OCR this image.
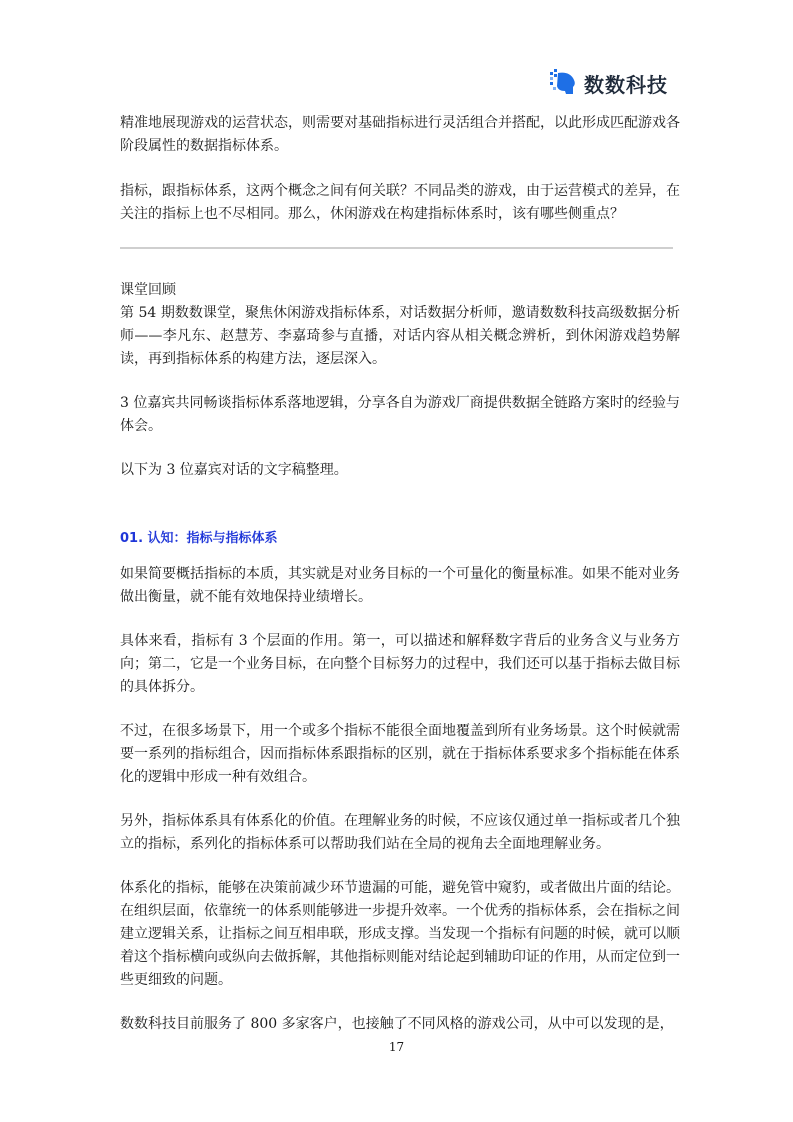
数数科技

精准地展现游戏的运营状态，则需要对基础指标进行灵活组合并搭配，以此形成匹配游戏各阶段属性的数据指标体系。

指标，跟指标体系，这两个概念之间有何关联？不同品类的游戏，由于运营模式的差异，在关注的指标上也不尽相同。那么，休闲游戏在构建指标体系时，该有哪些侧重点？

课堂回顾

第 54 期数数课堂，聚焦休闲游戏指标体系，对话数据分析师，邀请数数科技高级数据分析师——李凡东、赵慧芳、李嘉琦参与直播，对话内容从相关概念辨析，到休闲游戏趋势解读，再到指标体系的构建方法，逐层深入。

3 位嘉宾共同畅谈指标体系落地逻辑，分享各自为游戏厂商提供数据全链路方案时的经验与体会。

以下为 3 位嘉宾对话的文字稿整理。

01. 认知：指标与指标体系

如果简要概括指标的本质，其实就是对业务目标的一个可量化的衡量标准。如果不能对业务做出衡量，就不能有效地保持业绩增长。

具体来看，指标有 3 个层面的作用。第一，可以描述和解释数字背后的业务含义与业务方向；第二，它是一个业务目标，在向整个目标努力的过程中，我们还可以基于指标去做目标的具体拆分。

不过，在很多场景下，用一个或多个指标不能很全面地覆盖到所有业务场景。这个时候就需要一系列的指标组合，因而指标体系跟指标的区别，就在于指标体系要求多个指标能在体系化的逻辑中形成一种有效组合。

另外，指标体系具有体系化的价值。在理解业务的时候，不应该仅通过单一指标或者几个独立的指标，系列化的指标体系可以帮助我们站在全局的视角去全面地理解业务。

体系化的指标，能够在决策前减少环节遗漏的可能，避免管中窥豹，或者做出片面的结论。在组织层面，依靠统一的体系则能够进一步提升效率。一个优秀的指标体系，会在指标之间建立逻辑关系，让指标之间互相串联，形成支撑。当发现一个指标有问题的时候，就可以顺着这个指标横向或纵向去做拆解，其他指标则能对结论起到辅助印证的作用，从而定位到一些更细致的问题。

数数科技目前服务了 800 多家客户，也接触了不同风格的游戏公司，从中可以发现的是，

17
